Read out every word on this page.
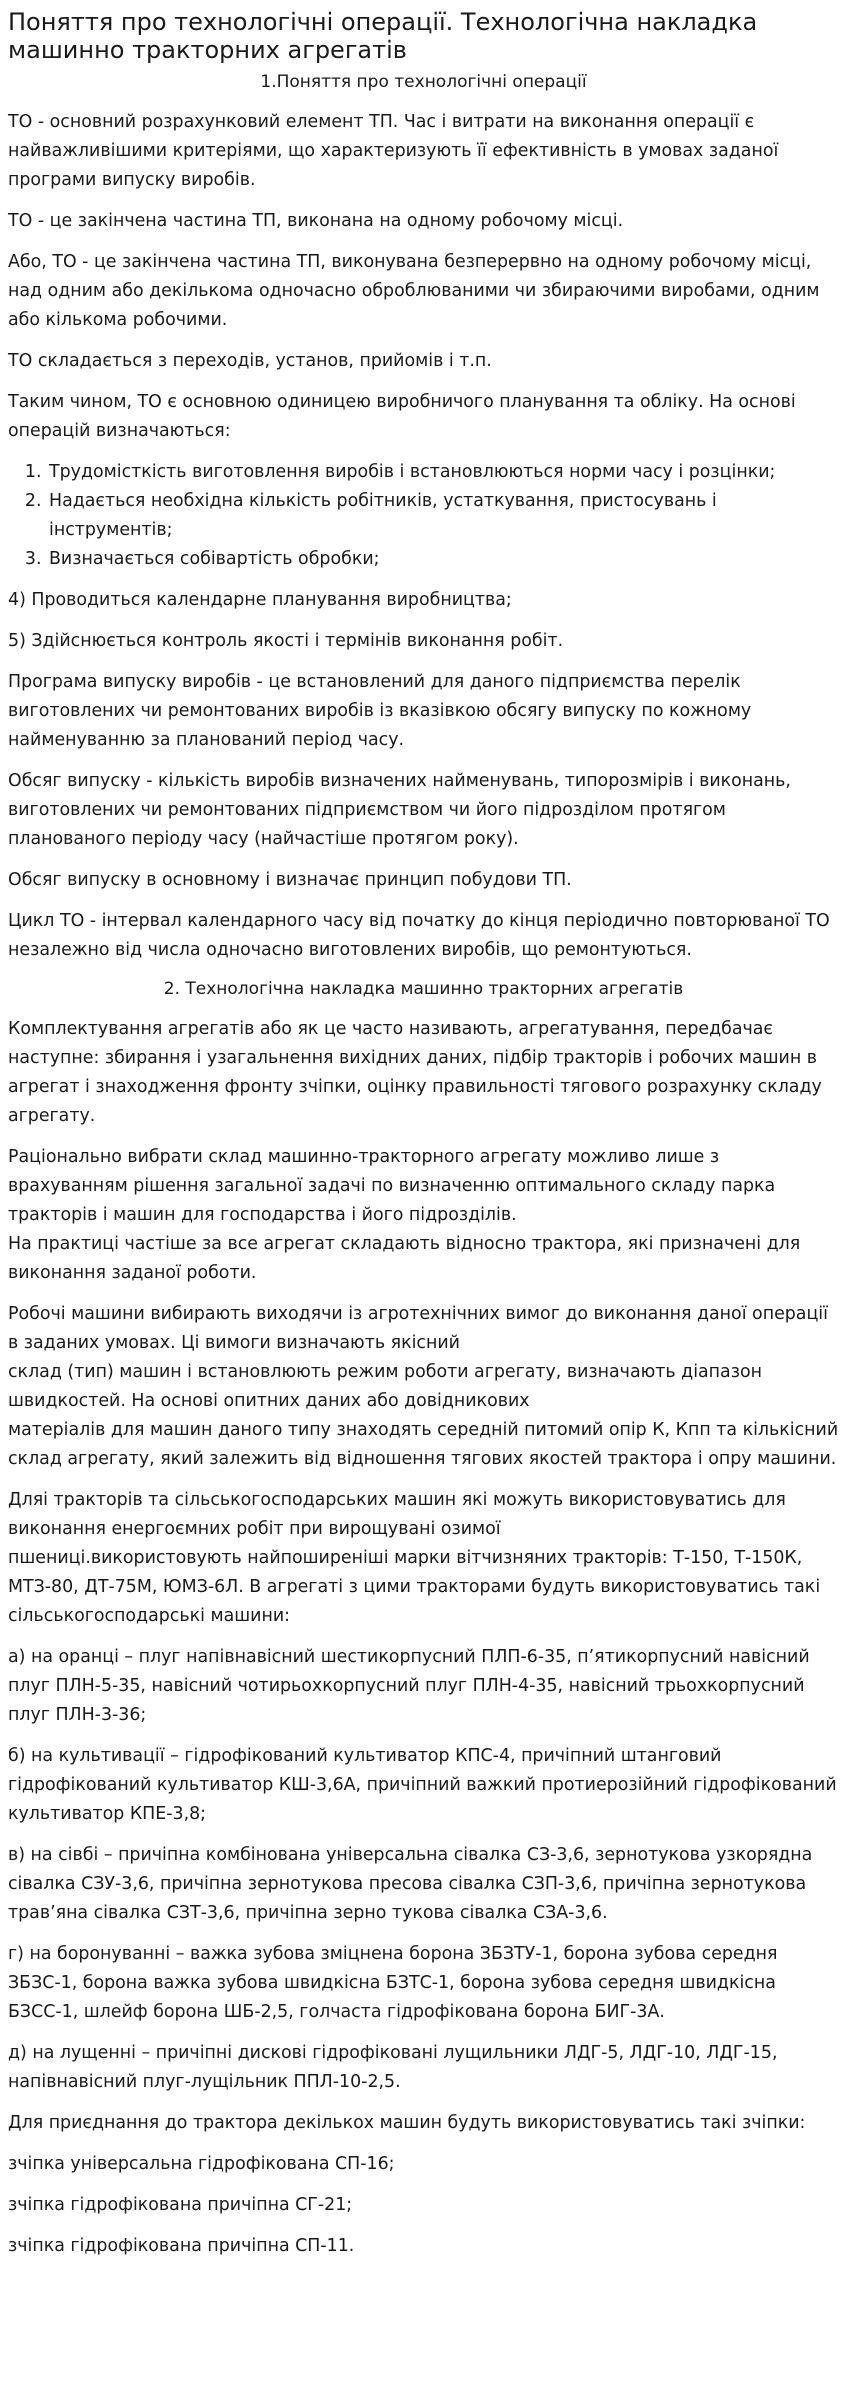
Поняття про технологічні операції. Технологічна накладка машинно тракторних агрегатів
1.Поняття про технологічні операції

ТО - основний розрахунковий елемент ТП. Час і витрати на виконання операції є найважливішими критеріями, що характеризують її ефективність в умовах заданої програми випуску виробів.

ТО - це закінчена частина ТП, виконана на одному робочому місці.

Або, ТО - це закінчена частина ТП, виконувана безперервно на одному робочому місці, над одним або декількома одночасно оброблюваними чи збираючими виробами, одним або кількома робочими.

ТО складається з переходів, установ, прийомів і т.п.

Таким чином, ТО є основною одиницею виробничого планування та обліку. На основі операцій визначаються:

1. Трудомісткість виготовлення виробів і встановлюються норми часу і розцінки;
2. Надається необхідна кількість робітників, устаткування, пристосувань і інструментів;
3. Визначається собівартість обробки;

4) Проводиться календарне планування виробництва;

5) Здійснюється контроль якості і термінів виконання робіт.

Програма випуску виробів - це встановлений для даного підприємства перелік виготовлених чи ремонтованих виробів із вказівкою обсягу випуску по кожному найменуванню за планований період часу.

Обсяг випуску - кількість виробів визначених найменувань, типорозмірів і виконань, виготовлених чи ремонтованих підприємством чи його підрозділом протягом планованого періоду часу (найчастіше протягом року).

Обсяг випуску в основному і визначає принцип побудови ТП.

Цикл ТО - інтервал календарного часу від початку до кінця періодично повторюваної ТО незалежно від числа одночасно виготовлених виробів, що ремонтуються.

2. Технологічна накладка машинно тракторних агрегатів

Комплектування агрегатів або як це часто називають, агрегатування, передбачає наступне: збирання і узагальнення вихідних даних, підбір тракторів і робочих машин в агрегат і знаходження фронту зчіпки, оцінку правильності тягового розрахунку складу агрегату.

Раціонально вибрати склад машинно-тракторного агрегату можливо лише з врахуванням рішення загальної задачі по визначенню оптимального складу парка тракторів і машин для господарства і його підрозділів.
На практиці частіше за все агрегат складають відносно трактора, які призначені для виконання заданої роботи.

Робочі машини вибирають виходячи із агротехнічних вимог до виконання даної операції в заданих умовах. Ці вимоги визначають якісний
склад (тип) машин і встановлюють режим роботи агрегату, визначають діапазон швидкостей. На основі опитних даних або довідникових
матеріалів для машин даного типу знаходять середній питомий опір К, Кпп та кількісний склад агрегату, який залежить від відношення тягових якостей трактора і опру машини.

Дляі тракторів та сільськогосподарських машин які можуть використовуватись для виконання енергоємних робіт при вирощувані озимої
пшениці.використовують найпоширеніші марки вітчизняних тракторів: Т-150, Т-150К, МТЗ-80, ДТ-75М, ЮМЗ-6Л. В агрегаті з цими тракторами будуть використовуватись такі сільськогосподарські машини:

а) на оранці – плуг напівнавісний шестикорпусний ПЛП-6-35, п’ятикорпусний навісний плуг ПЛН-5-35, навісний чотирьохкорпусний плуг ПЛН-4-35, навісний трьохкорпусний плуг ПЛН-3-36;

б) на культивації – гідрофікований культиватор КПС-4, причіпний штанговий гідрофікований культиватор КШ-3,6А, причіпний важкий протиерозійний гідрофікований культиватор КПЕ-3,8;

в) на сівбі – причіпна комбінована універсальна сівалка СЗ-3,6, зернотукова узкорядна сівалка СЗУ-3,6, причіпна зернотукова пресова сівалка СЗП-3,6, причіпна зернотукова трав’яна сівалка СЗТ-3,6, причіпна зерно тукова сівалка СЗА-3,6.

г) на боронуванні – важка зубова зміцнена борона ЗБЗТУ-1, борона зубова середня ЗБЗС-1, борона важка зубова швидкісна БЗТС-1, борона зубова середня швидкісна БЗСС-1, шлейф борона ШБ-2,5, голчаста гідрофікована борона БИГ-3А.

д) на лущенні – причіпні дискові гідрофіковані лущильники ЛДГ-5, ЛДГ-10, ЛДГ-15, напівнавісний плуг-лущільник ППЛ-10-2,5.

Для приєднання до трактора декількох машин будуть використовуватись такі зчіпки:

зчіпка універсальна гідрофікована СП-16;

зчіпка гідрофікована причіпна СГ-21;

зчіпка гідрофікована причіпна СП-11.
